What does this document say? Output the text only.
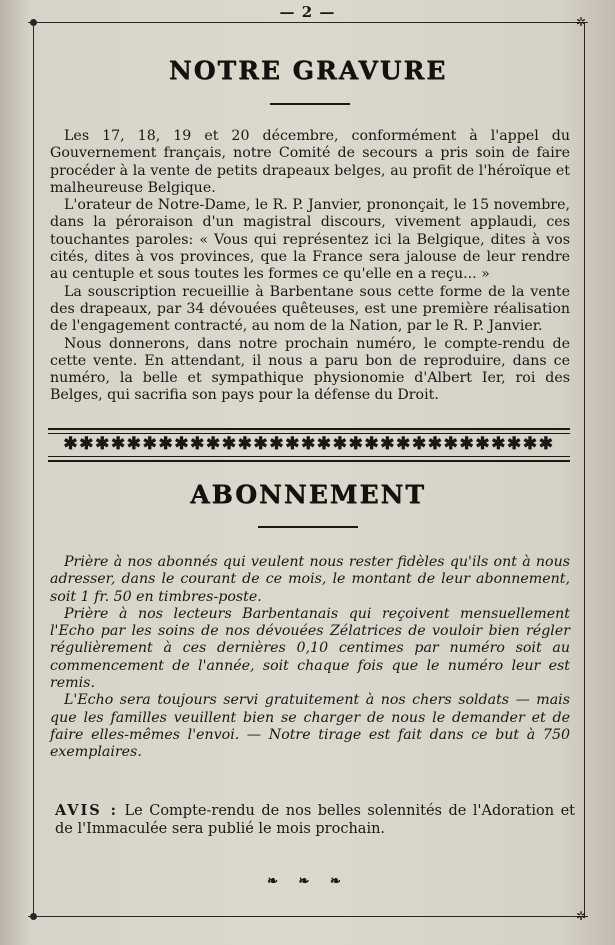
— 2 —
✲
✲
NOTRE GRAVURE

Les 17, 18, 19 et 20 décembre, conformément à l'appel du Gouvernement français, notre Comité de secours a pris soin de faire procéder à la vente de petits drapeaux belges, au profit de l'héroïque et malheureuse Belgique.

L'orateur de Notre-Dame, le R. P. Janvier, prononçait, le 15 novembre, dans la péroraison d'un magistral discours, vivement applaudi, ces touchantes paroles: « Vous qui représentez ici la Belgique, dites à vos cités, dites à vos provinces, que la France sera jalouse de leur rendre au centuple et sous toutes les formes ce qu'elle en a reçu... »

La souscription recueillie à Barbentane sous cette forme de la vente des drapeaux, par 34 dévouées quêteuses, est une première réalisation de l'engagement contracté, au nom de la Nation, par le R. P. Janvier.

Nous donnerons, dans notre prochain numéro, le compte-rendu de cette vente. En attendant, il nous a paru bon de reproduire, dans ce numéro, la belle et sympathique physionomie d'Albert Ier, roi des Belges, qui sacrifia son pays pour la défense du Droit.

✱✱✱✱✱✱✱✱✱✱✱✱✱✱✱✱✱✱✱✱✱✱✱✱✱✱✱✱✱✱✱
ABONNEMENT

Prière à nos abonnés qui veulent nous rester fidèles qu'ils ont à nous adresser, dans le courant de ce mois, le montant de leur abonnement, soit 1 fr. 50 en timbres-poste.

Prière à nos lecteurs Barbentanais qui reçoivent mensuellement l'Echo par les soins de nos dévouées Zélatrices de vouloir bien régler régulièrement à ces dernières 0,10 centimes par numéro soit au commencement de l'année, soit chaque fois que le numéro leur est remis.

L'Echo sera toujours servi gratuitement à nos chers soldats — mais que les familles veuillent bien se charger de nous le demander et de faire elles-mêmes l'envoi. — Notre tirage est fait dans ce but à 750 exemplaires.

AVIS : Le Compte-rendu de nos belles solennités de l'Adoration et de l'Immaculée sera publié le mois prochain.
❧ ❧ ❧
